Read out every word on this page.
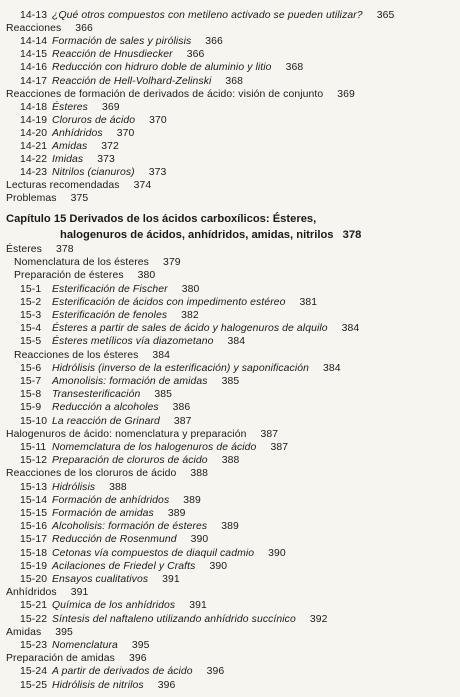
14-13 ¿Qué otros compuestos con metileno activado se pueden utilizar? 365
Reacciones 366
14-14 Formación de sales y pirólisis 366
14-15 Reacción de Hnusdiecker 366
14-16 Reducción con hidruro doble de aluminio y litio 368
14-17 Reacción de Hell-Volhard-Zelinski 368
Reacciones de formación de derivados de ácido: visión de conjunto 369
14-18 Ésteres 369
14-19 Cloruros de ácido 370
14-20 Anhídridos 370
14-21 Amidas 372
14-22 Imidas 373
14-23 Nitrilos (cianuros) 373
Lecturas recomendadas 374
Problemas 375
Capítulo 15 Derivados de los ácidos carboxílicos: Ésteres,
halogenuros de ácidos, anhídridos, amidas, nitrilos 378
Ésteres 378
Nomenclatura de los ésteres 379
Preparación de ésteres 380
15-1 Esterificación de Fischer 380
15-2 Esterificación de ácidos con impedimento estéreo 381
15-3 Esterificación de fenoles 382
15-4 Ésteres a partir de sales de ácido y halogenuros de alquilo 384
15-5 Ésteres metílicos vía diazometano 384
Reacciones de los ésteres 384
15-6 Hidrólisis (inverso de la esterificación) y saponificación 384
15-7 Amonolisis: formación de amidas 385
15-8 Transesterificación 385
15-9 Reducción a alcoholes 386
15-10 La reacción de Grinard 387
Halogenuros de ácido: nomenclatura y preparación 387
15-11 Nomemclatura de los halogenuros de ácido 387
15-12 Preparación de cloruros de ácido 388
Reacciones de los cloruros de ácido 388
15-13 Hidrólisis 388
15-14 Formación de anhídridos 389
15-15 Formación de amidas 389
15-16 Alcoholisis: formación de ésteres 389
15-17 Reducción de Rosenmund 390
15-18 Cetonas vía compuestos de diaquil cadmio 390
15-19 Acilaciones de Friedel y Crafts 390
15-20 Ensayos cualitativos 391
Anhídridos 391
15-21 Química de los anhídridos 391
15-22 Síntesis del naftaleno utilizando anhídrido succínico 392
Amidas 395
15-23 Nomenclatura 395
Preparación de amidas 396
15-24 A partir de derivados de ácido 396
15-25 Hidrólisis de nitrilos 396
